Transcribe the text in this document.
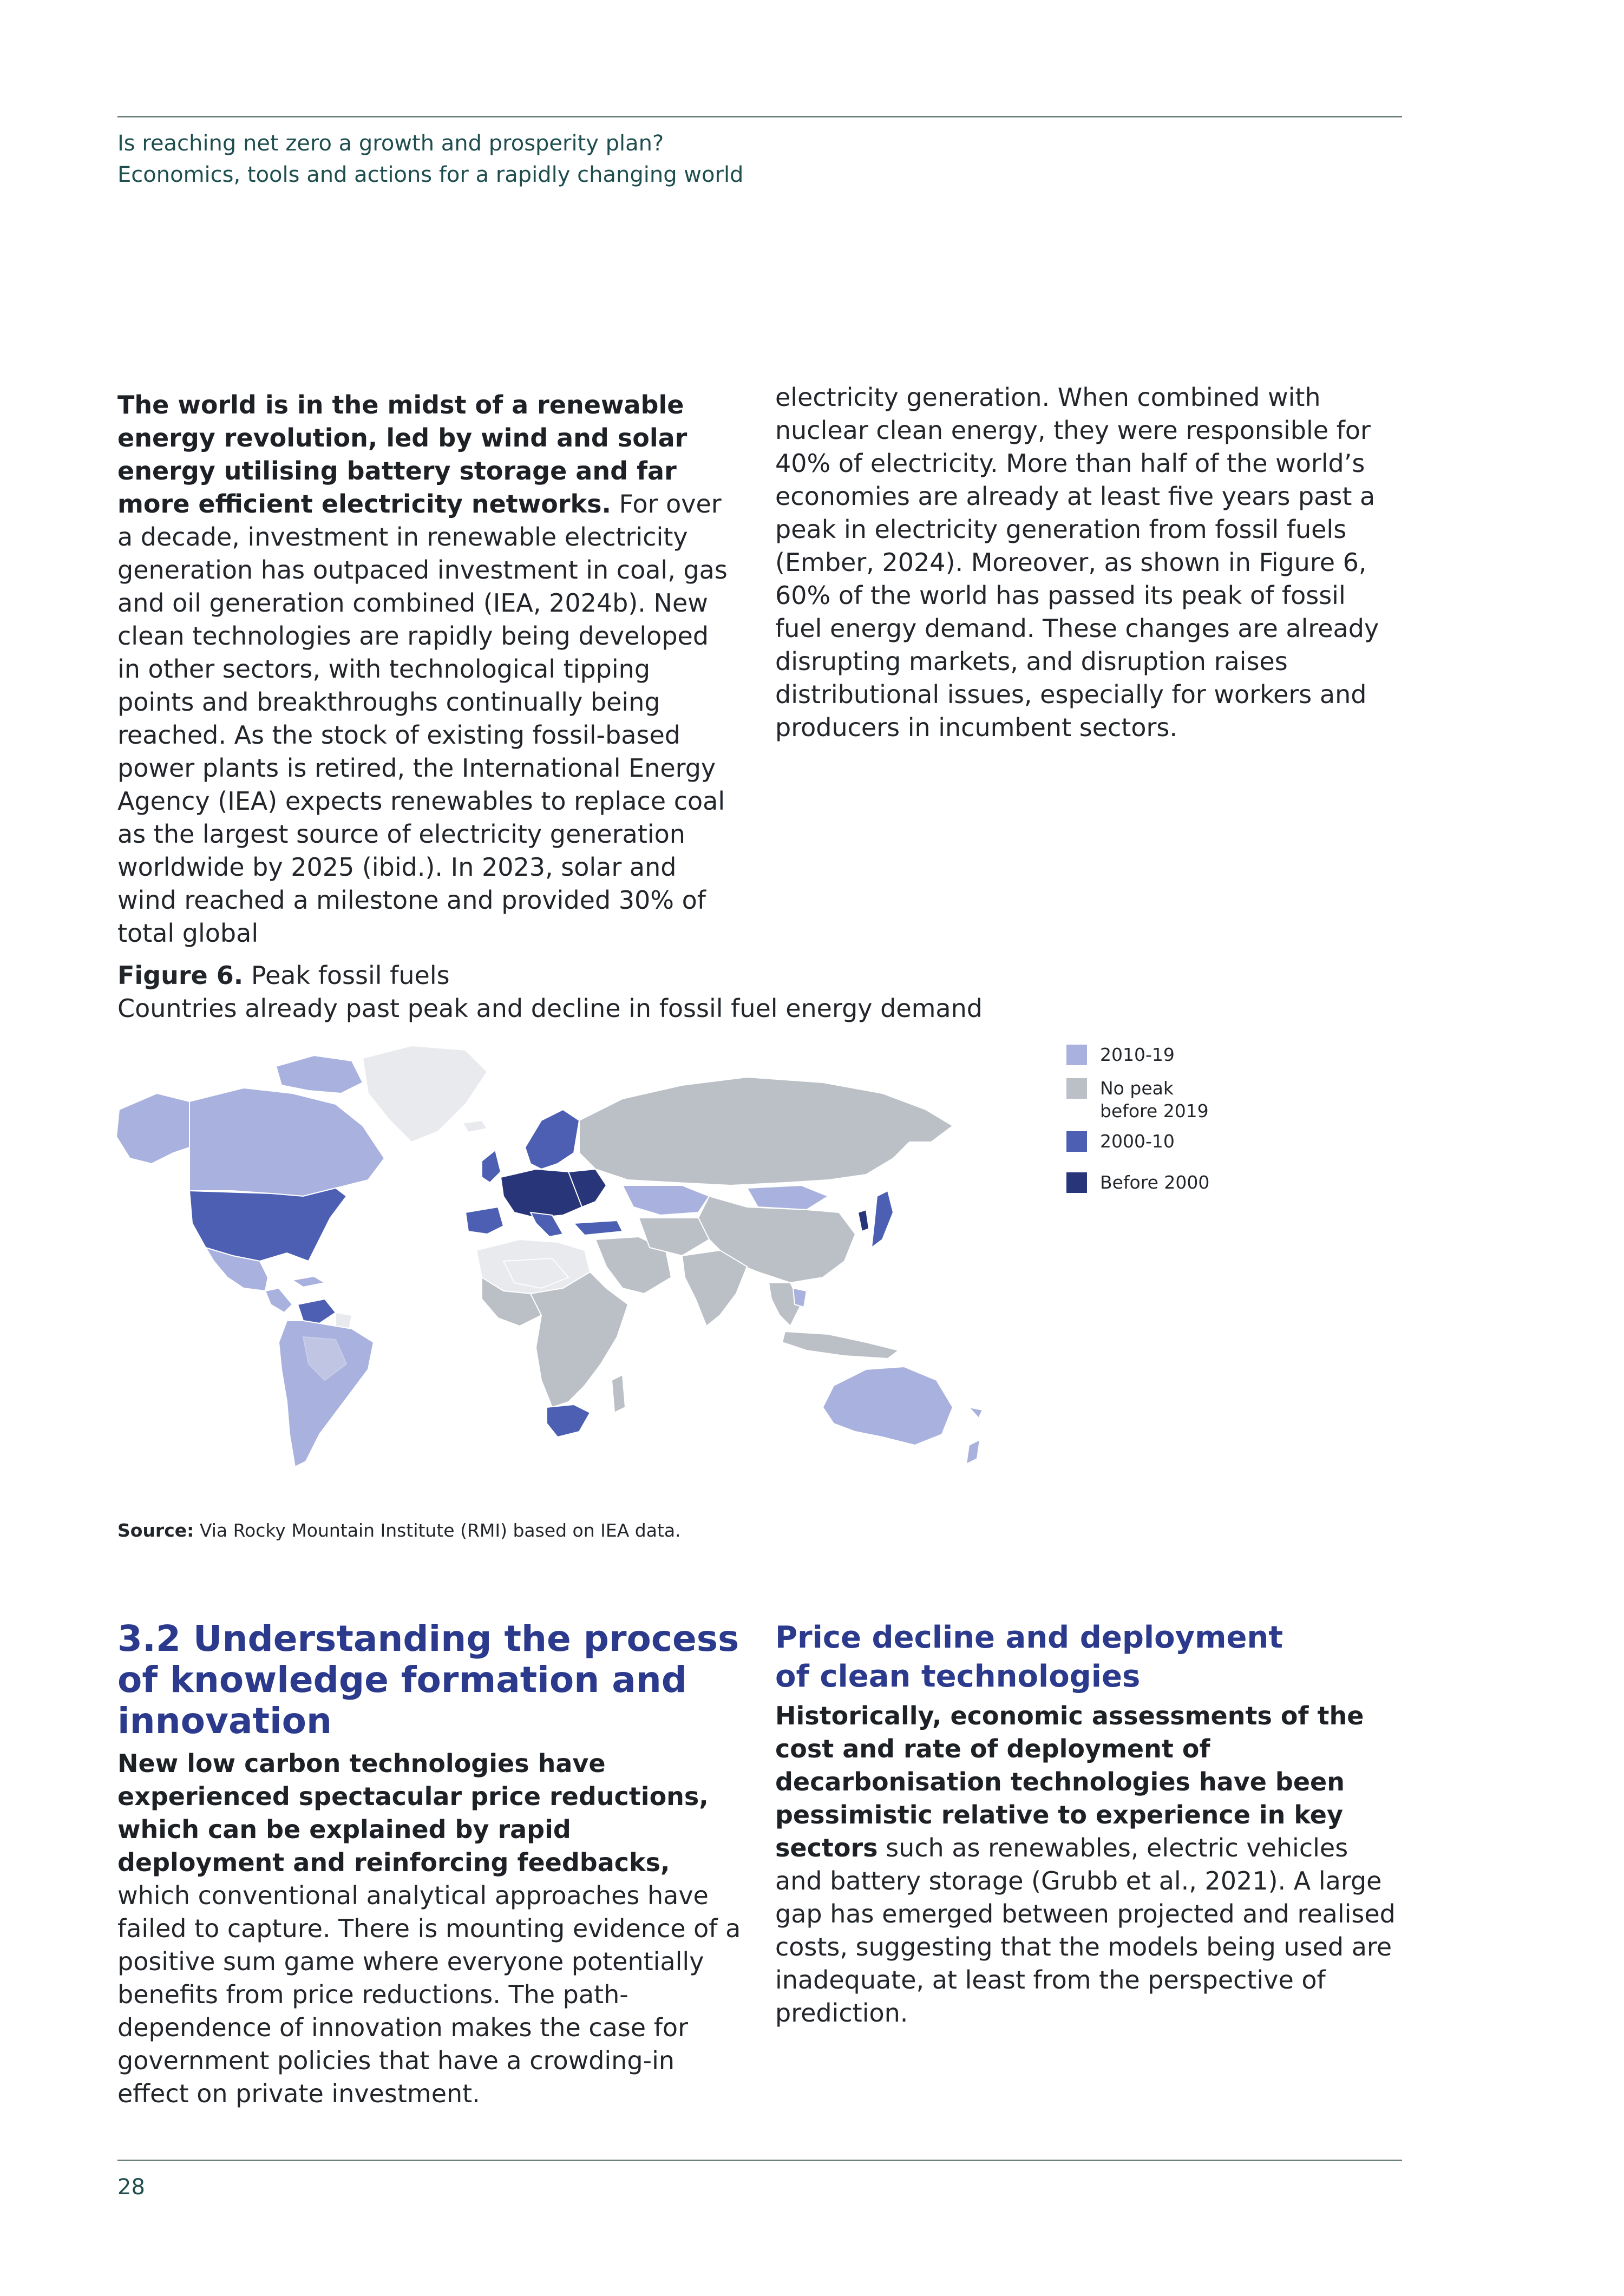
Is reaching net zero a growth and prosperity plan?
Economics, tools and actions for a rapidly changing world

The world is in the midst of a renewable energy revolution, led by wind and solar energy utilising battery storage and far more efficient electricity networks. For over a decade, investment in renewable electricity generation has outpaced investment in coal, gas and oil generation combined (IEA, 2024b). New clean technologies are rapidly being developed in other sectors, with technological tipping points and breakthroughs continually being reached. As the stock of existing fossil-based power plants is retired, the International Energy Agency (IEA) expects renewables to replace coal as the largest source of electricity generation worldwide by 2025 (ibid.). In 2023, solar and wind reached a milestone and provided 30% of total global

electricity generation. When combined with nuclear clean energy, they were responsible for 40% of electricity. More than half of the world’s economies are already at least five years past a peak in electricity generation from fossil fuels (Ember, 2024). Moreover, as shown in Figure 6, 60% of the world has passed its peak of fossil fuel energy demand. These changes are already disrupting markets, and disruption raises distributional issues, especially for workers and producers in incumbent sectors.

Figure 6. Peak fossil fuels
Countries already past peak and decline in fossil fuel energy demand
2010-19
No peak before 2019
2000-10
Before 2000
Source: Via Rocky Mountain Institute (RMI) based on IEA data.
3.2 Understanding the process of knowledge formation and innovation

New low carbon technologies have experienced spectacular price reductions, which can be explained by rapid deployment and reinforcing feedbacks, which conventional analytical approaches have failed to capture. There is mounting evidence of a positive sum game where everyone potentially benefits from price reductions. The path-dependence of innovation makes the case for government policies that have a crowding-in effect on private investment.

Price decline and deployment of clean technologies

Historically, economic assessments of the cost and rate of deployment of decarbonisation technologies have been pessimistic relative to experience in key sectors such as renewables, electric vehicles and battery storage (Grubb et al., 2021). A large gap has emerged between projected and realised costs, suggesting that the models being used are inadequate, at least from the perspective of prediction.

28
